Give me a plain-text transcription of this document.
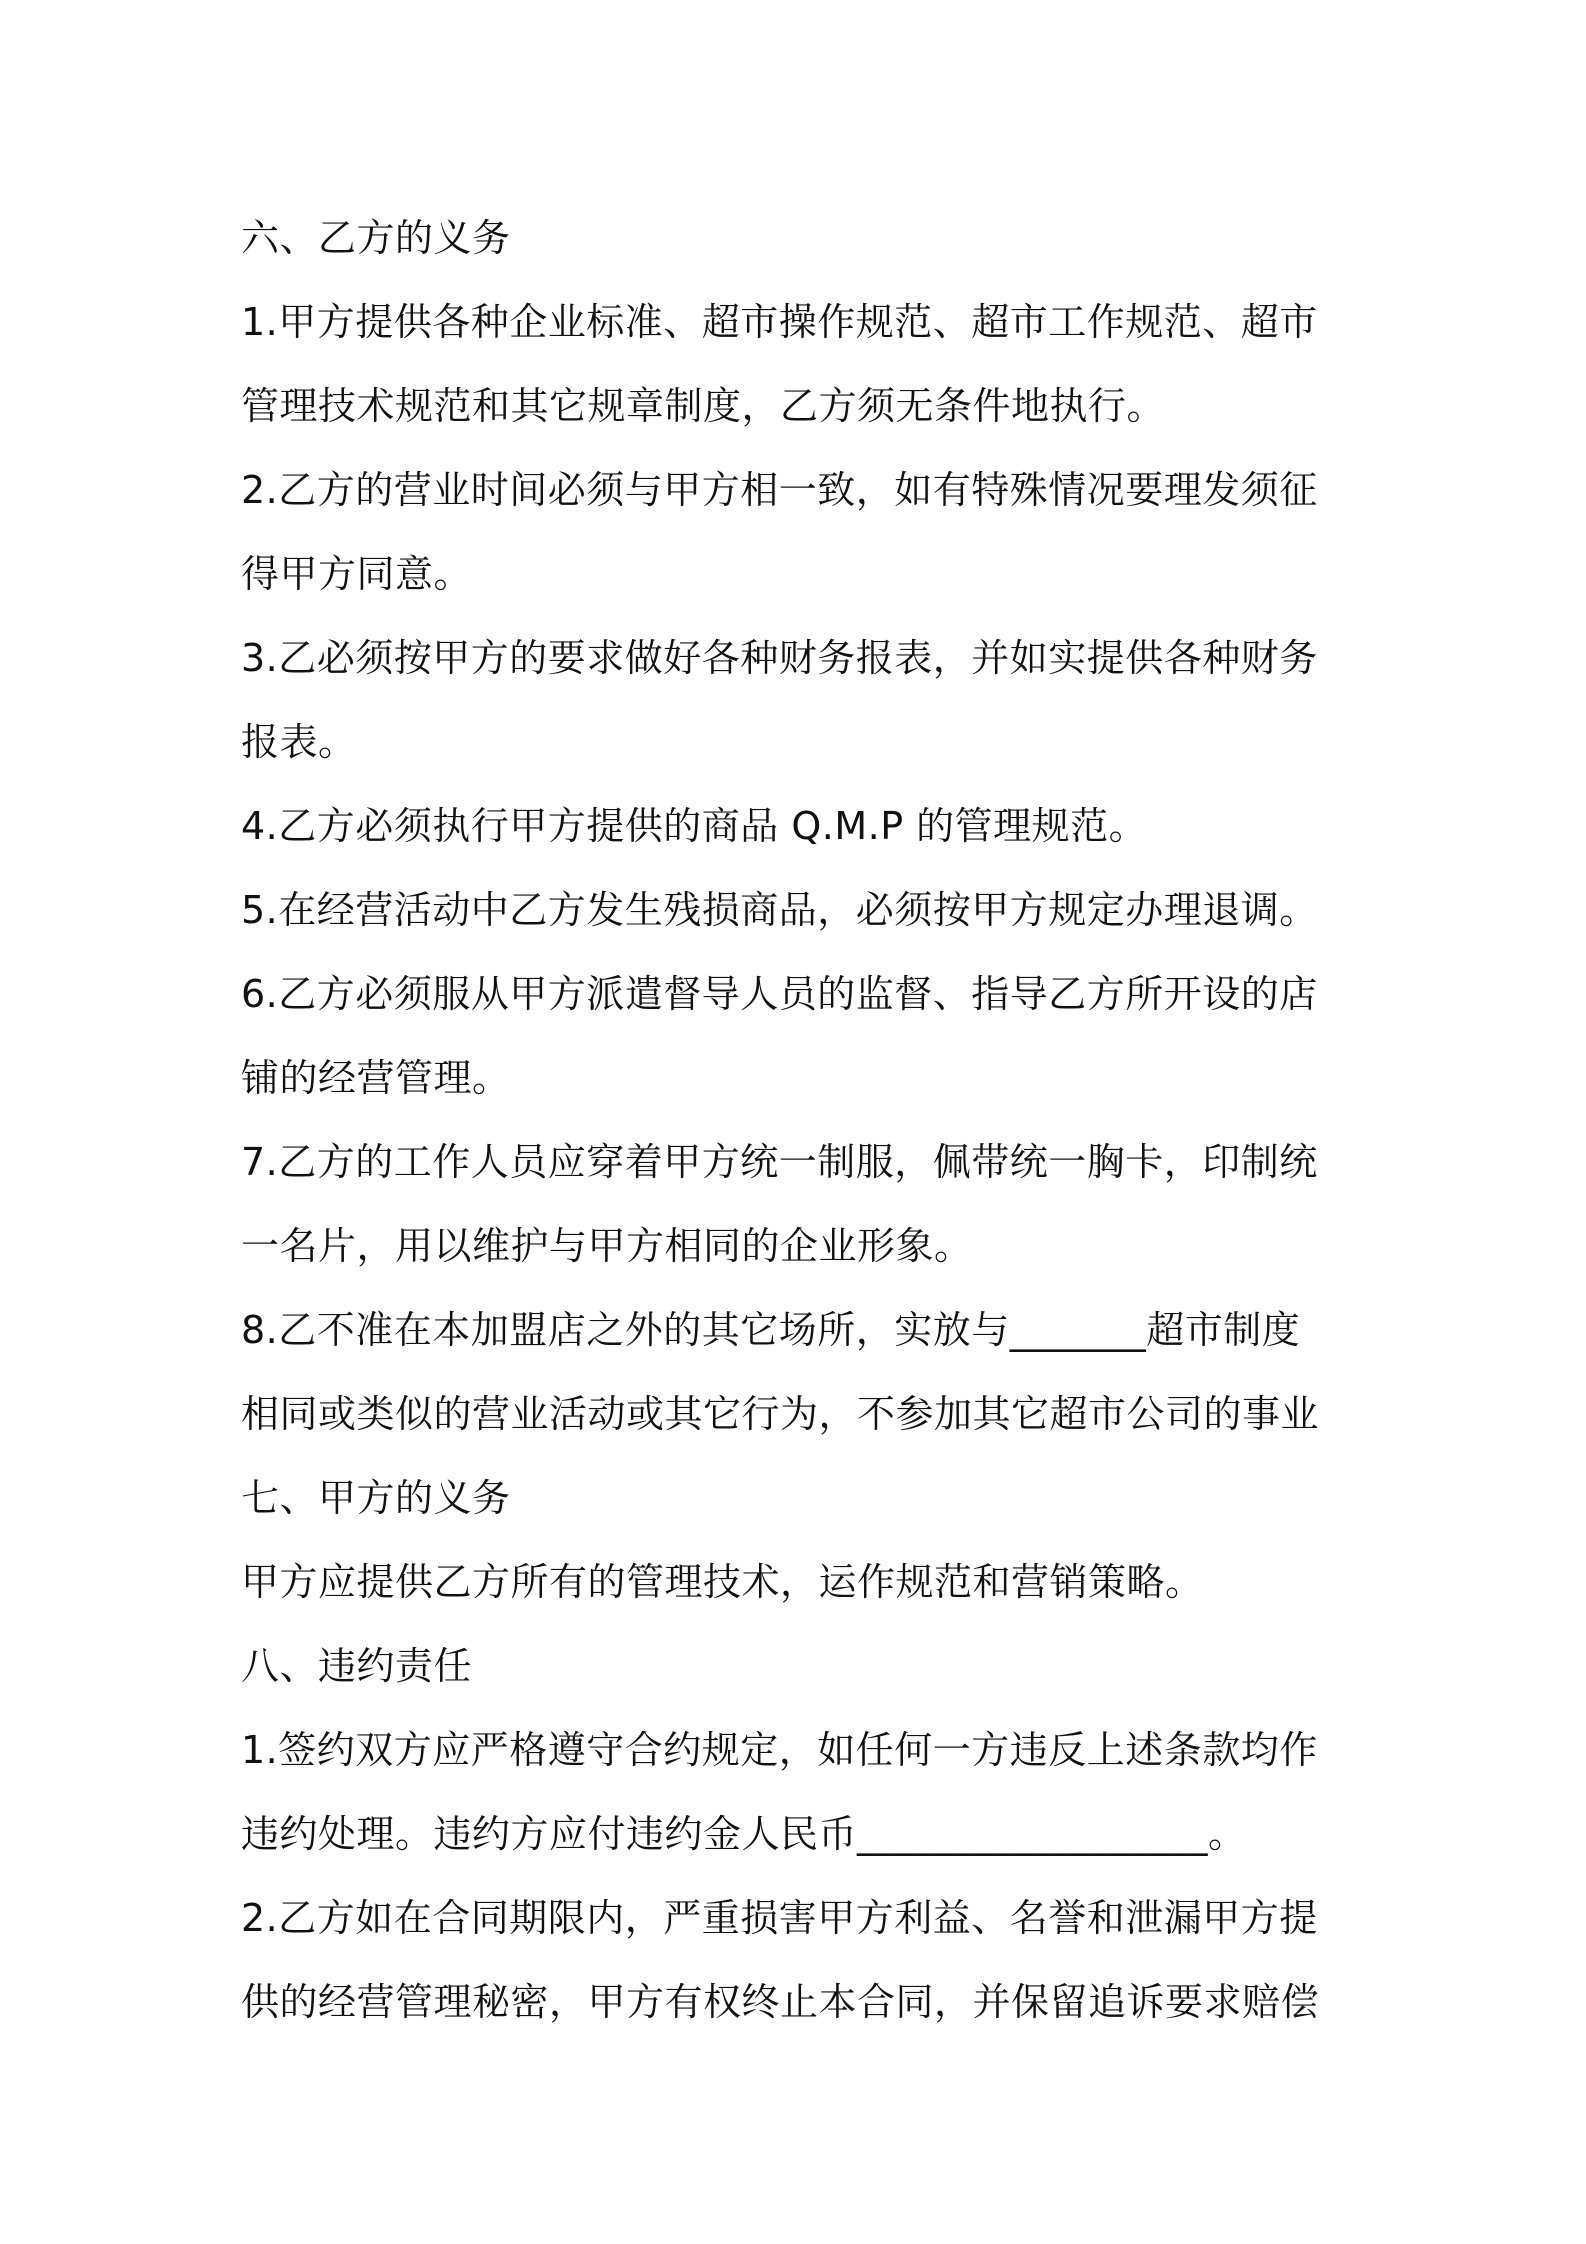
六、乙方的义务
1.甲方提供各种企业标准、超市操作规范、超市工作规范、超市
管理技术规范和其它规章制度，乙方须无条件地执行。
2.乙方的营业时间必须与甲方相一致，如有特殊情况要理发须征
得甲方同意。
3.乙必须按甲方的要求做好各种财务报表，并如实提供各种财务
报表。
4.乙方必须执行甲方提供的商品 Q.M.P 的管理规范。
5.在经营活动中乙方发生残损商品，必须按甲方规定办理退调。
6.乙方必须服从甲方派遣督导人员的监督、指导乙方所开设的店
铺的经营管理。
7.乙方的工作人员应穿着甲方统一制服，佩带统一胸卡，印制统
一名片，用以维护与甲方相同的企业形象。
8.乙不准在本加盟店之外的其它场所，实放与_______超市制度
相同或类似的营业活动或其它行为，不参加其它超市公司的事业
七、甲方的义务
甲方应提供乙方所有的管理技术，运作规范和营销策略。
八、违约责任
1.签约双方应严格遵守合约规定，如任何一方违反上述条款均作
违约处理。违约方应付违约金人民币__________________。
2.乙方如在合同期限内，严重损害甲方利益、名誉和泄漏甲方提
供的经营管理秘密，甲方有权终止本合同，并保留追诉要求赔偿
